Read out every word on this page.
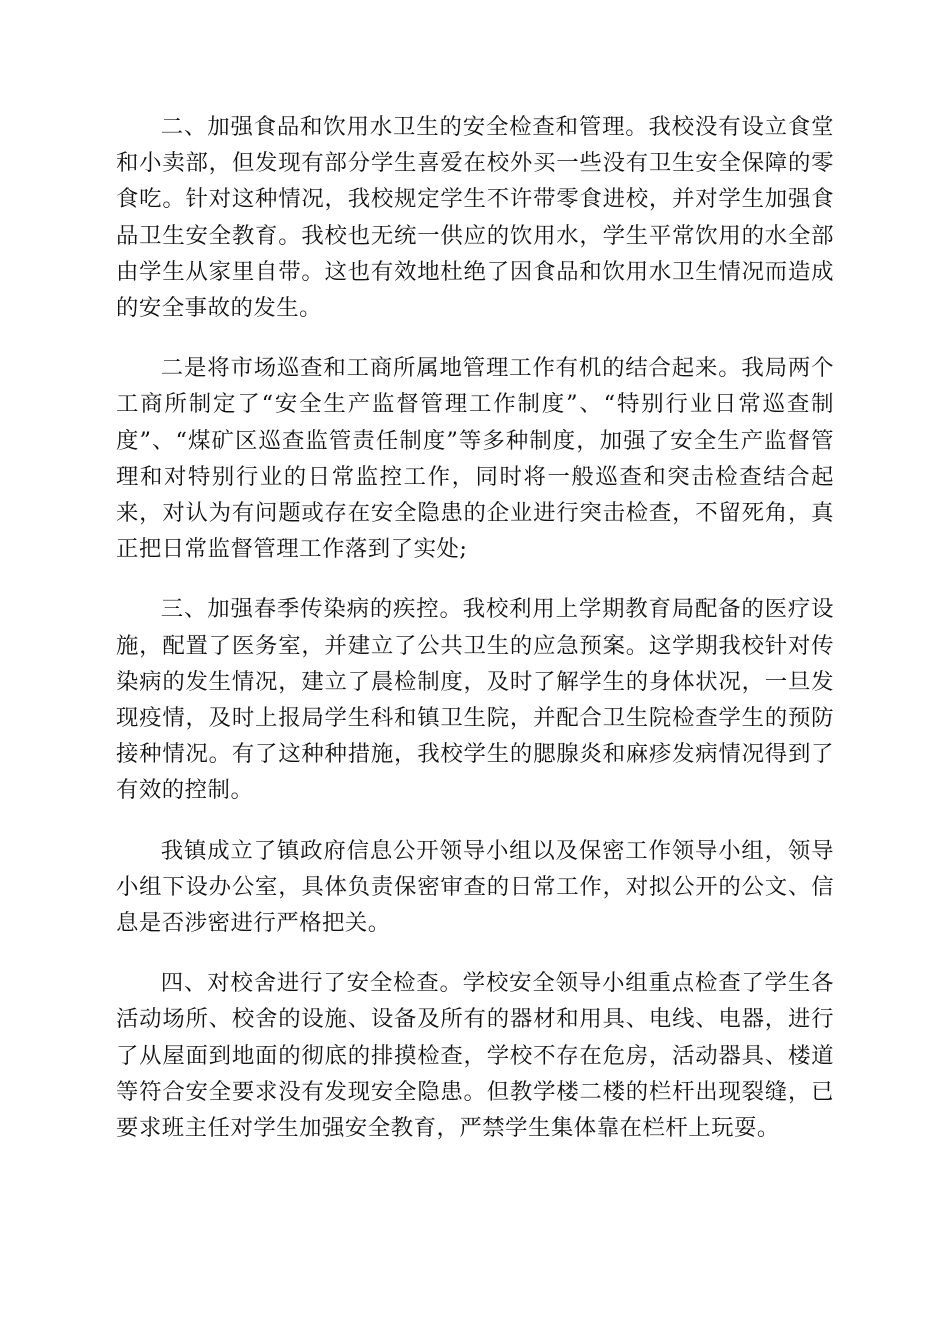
二、加强食品和饮用水卫生的安全检查和管理。我校没有设立食堂和小卖部，但发现有部分学生喜爱在校外买一些没有卫生安全保障的零食吃。针对这种情况，我校规定学生不许带零食进校，并对学生加强食品卫生安全教育。我校也无统一供应的饮用水，学生平常饮用的水全部由学生从家里自带。这也有效地杜绝了因食品和饮用水卫生情况而造成的安全事故的发生。

二是将市场巡查和工商所属地管理工作有机的结合起来。我局两个工商所制定了“安全生产监督管理工作制度”、“特别行业日常巡查制度”、“煤矿区巡查监管责任制度”等多种制度，加强了安全生产监督管理和对特别行业的日常监控工作，同时将一般巡查和突击检查结合起来，对认为有问题或存在安全隐患的企业进行突击检查，不留死角，真正把日常监督管理工作落到了实处;

三、加强春季传染病的疾控。我校利用上学期教育局配备的医疗设施，配置了医务室，并建立了公共卫生的应急预案。这学期我校针对传染病的发生情况，建立了晨检制度，及时了解学生的身体状况，一旦发现疫情，及时上报局学生科和镇卫生院，并配合卫生院检查学生的预防接种情况。有了这种种措施，我校学生的腮腺炎和麻疹发病情况得到了有效的控制。

我镇成立了镇政府信息公开领导小组以及保密工作领导小组，领导小组下设办公室，具体负责保密审查的日常工作，对拟公开的公文、信息是否涉密进行严格把关。

四、对校舍进行了安全检查。学校安全领导小组重点检查了学生各活动场所、校舍的设施、设备及所有的器材和用具、电线、电器，进行了从屋面到地面的彻底的排摸检查，学校不存在危房，活动器具、楼道等符合安全要求没有发现安全隐患。但教学楼二楼的栏杆出现裂缝，已要求班主任对学生加强安全教育，严禁学生集体靠在栏杆上玩耍。
